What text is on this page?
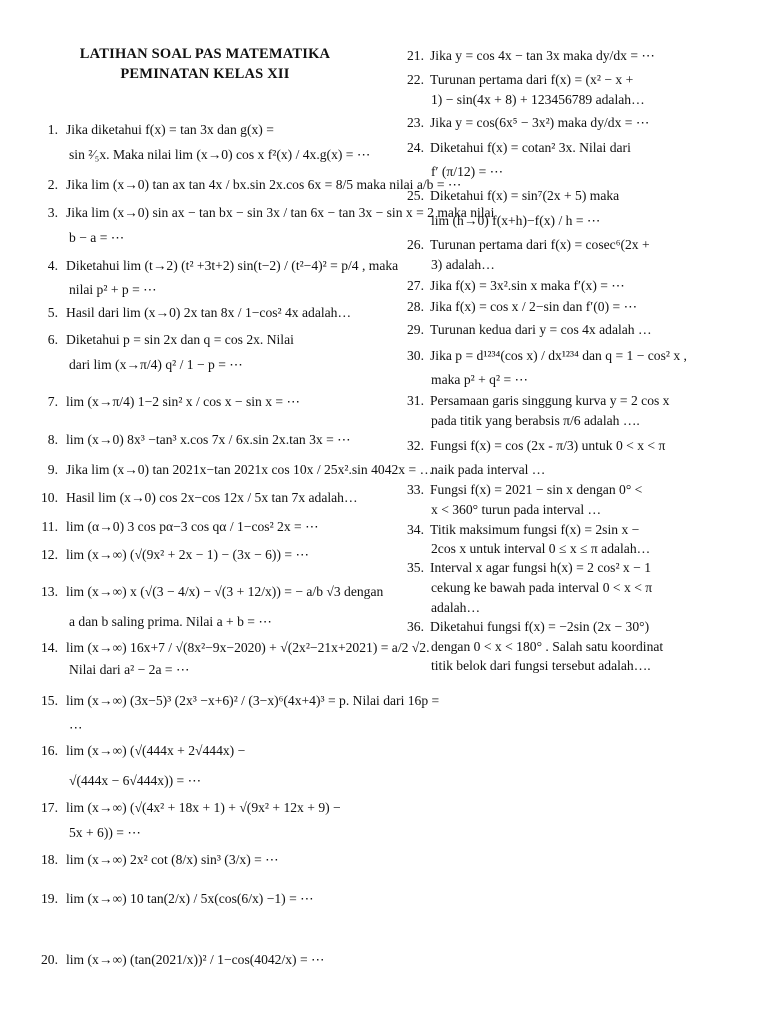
LATIHAN SOAL PAS MATEMATIKA
PEMINATAN KELAS XII
1. Jika diketahui f(x) = tan 3x dan g(x) =
sin ²⁄₅x. Maka nilai lim (x→0) cos x f²(x) / 4x.g(x) = ⋯
2. Jika lim (x→0) tan ax tan 4x / bx.sin 2x.cos 6x = 8/5 maka nilai a/b = ⋯
3. Jika lim (x→0) sin ax − tan bx − sin 3x / tan 6x − tan 3x − sin x = 2 maka nilai
b − a = ⋯
4. Diketahui lim (t→2) (t² +3t+2) sin(t−2) / (t²−4)² = p/4 , maka
nilai p² + p = ⋯
5. Hasil dari lim (x→0) 2x tan 8x / 1−cos² 4x adalah…
6. Diketahui p = sin 2x dan q = cos 2x. Nilai
dari lim (x→π/4) q² / 1 − p = ⋯
7. lim (x→π/4) 1−2 sin² x / cos x − sin x = ⋯
8. lim (x→0) 8x³ −tan³ x.cos 7x / 6x.sin 2x.tan 3x = ⋯
9. Jika lim (x→0) tan 2021x−tan 2021x cos 10x / 25x².sin 4042x = …
10. Hasil lim (x→0) cos 2x−cos 12x / 5x tan 7x adalah…
11. lim (α→0) 3 cos pα−3 cos qα / 1−cos² 2x = ⋯
12. lim (x→∞) (√(9x² + 2x − 1) − (3x − 6)) = ⋯
13. lim (x→∞) x (√(3 − 4/x) − √(3 + 12/x)) = − a/b √3 dengan
a dan b saling prima. Nilai a + b = ⋯
14. lim (x→∞) 16x+7 / √(8x²−9x−2020) + √(2x²−21x+2021) = a/2 √2.
Nilai dari a² − 2a = ⋯
15. lim (x→∞) (3x−5)³ (2x³ −x+6)² / (3−x)⁶(4x+4)³ = p. Nilai dari 16p =
⋯
16. lim (x→∞) (√(444x + 2√444x) −
√(444x − 6√444x)) = ⋯
17. lim (x→∞) (√(4x² + 18x + 1) + √(9x² + 12x + 9) −
5x + 6)) = ⋯
18. lim (x→∞) 2x² cot (8/x) sin³ (3/x) = ⋯
19. lim (x→∞) 10 tan(2/x) / 5x(cos(6/x) −1) = ⋯
20. lim (x→∞) (tan(2021/x))² / 1−cos(4042/x) = ⋯
21. Jika y = cos 4x − tan 3x maka dy/dx = ⋯
22. Turunan pertama dari f(x) = (x² − x +
1) − sin(4x + 8) + 123456789 adalah…
23. Jika y = cos(6x⁵ − 3x²) maka dy/dx = ⋯
24. Diketahui f(x) = cotan² 3x. Nilai dari
f′ (π/12) = ⋯
25. Diketahui f(x) = sin⁷(2x + 5) maka
lim (h→0) f(x+h)−f(x) / h = ⋯
26. Turunan pertama dari f(x) = cosec⁶(2x +
3) adalah…
27. Jika f(x) = 3x².sin x maka f′(x) = ⋯
28. Jika f(x) = cos x / 2−sin dan f′(0) = ⋯
29. Turunan kedua dari y = cos 4x adalah …
30. Jika p = d¹²³⁴(cos x) / dx¹²³⁴ dan q = 1 − cos² x ,
maka p² + q² = ⋯
31. Persamaan garis singgung kurva y = 2 cos x
pada titik yang berabsis π/6 adalah ….
32. Fungsi f(x) = cos (2x - π/3) untuk 0 < x < π
naik pada interval …
33. Fungsi f(x) = 2021 − sin x dengan 0° <
x < 360° turun pada interval …
34. Titik maksimum fungsi f(x) = 2sin x −
2cos x untuk interval 0 ≤ x ≤ π adalah…
35. Interval x agar fungsi h(x) = 2 cos² x − 1
cekung ke bawah pada interval 0 < x < π
adalah…
36. Diketahui fungsi f(x) = −2sin (2x − 30°)
dengan 0 < x < 180° . Salah satu koordinat
titik belok dari fungsi tersebut adalah….
